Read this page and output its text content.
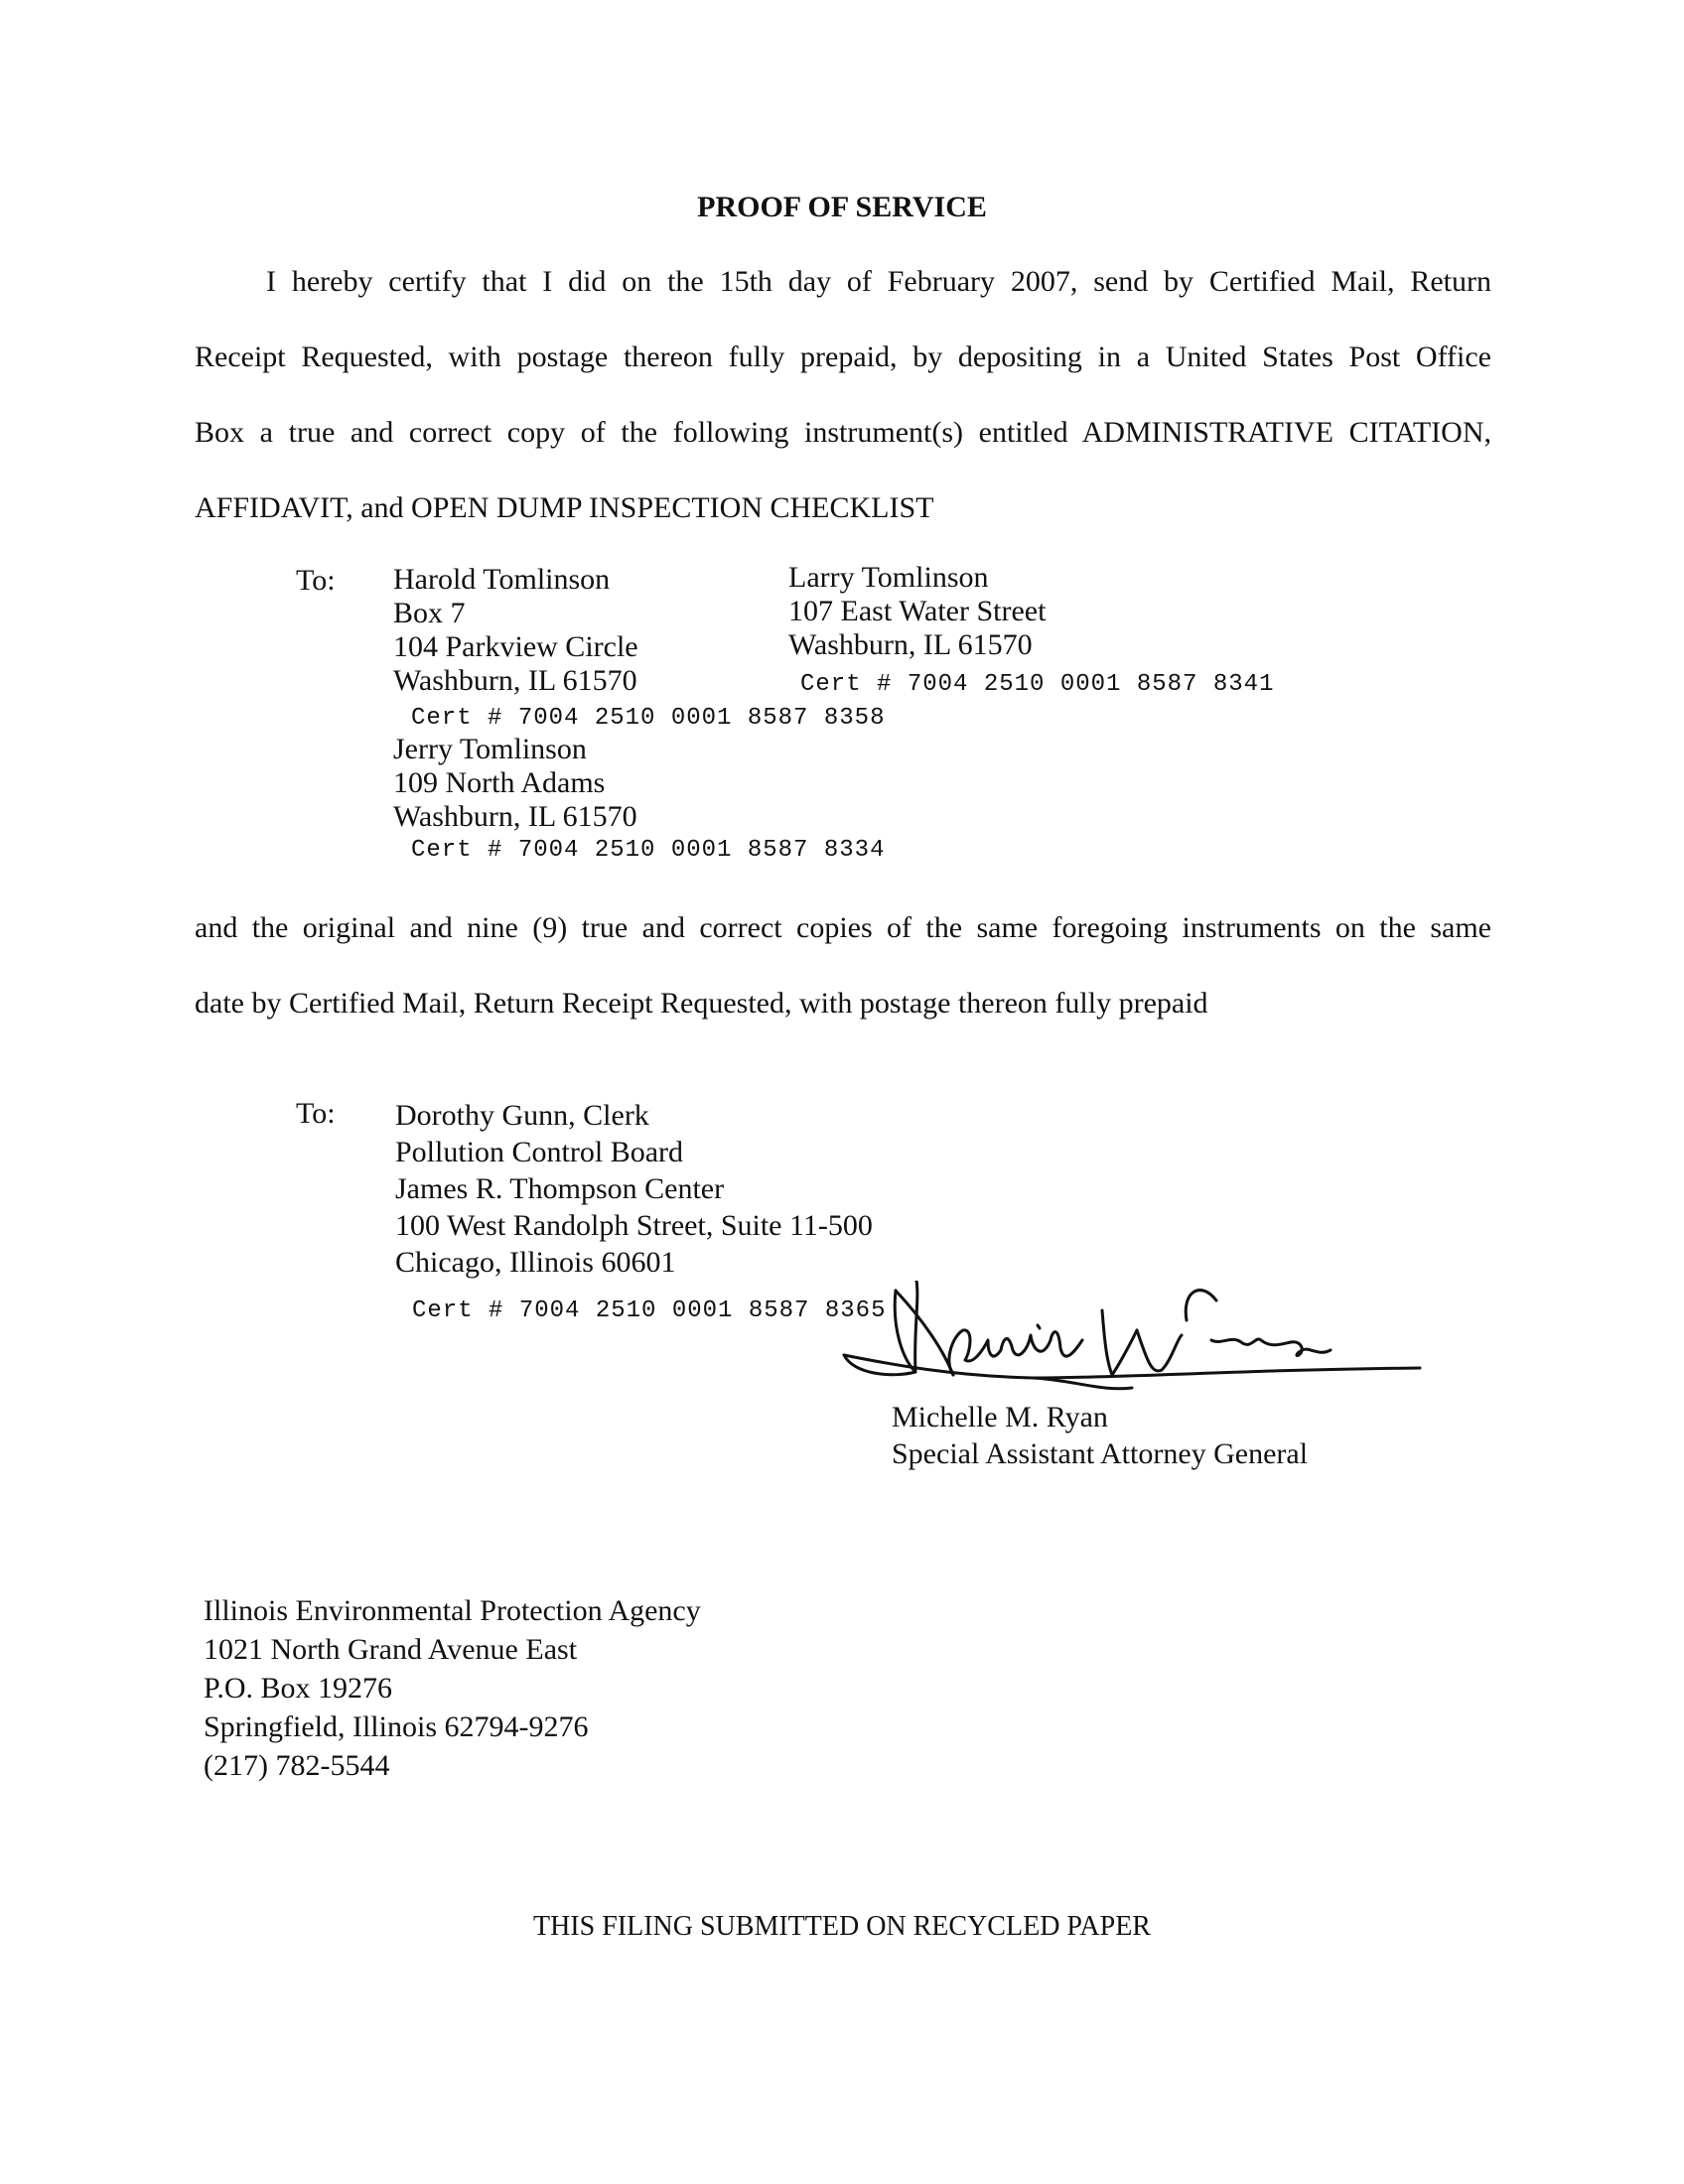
PROOF OF SERVICE
I hereby certify that I did on the 15th day of February 2007, send by Certified Mail, Return
Receipt Requested, with postage thereon fully prepaid, by depositing in a United States Post Office
Box a true and correct copy of the following instrument(s) entitled ADMINISTRATIVE CITATION,
AFFIDAVIT, and OPEN DUMP INSPECTION CHECKLIST
To: Harold Tomlinson
Box 7
104 Parkview Circle
Washburn, IL 61570
Cert # 7004 2510 0001 8587 8358
Larry Tomlinson
107 East Water Street
Washburn, IL 61570
Cert # 7004 2510 0001 8587 8341
Jerry Tomlinson
109 North Adams
Washburn, IL 61570
Cert # 7004 2510 0001 8587 8334
and the original and nine (9) true and correct copies of the same foregoing instruments on the same
date by Certified Mail, Return Receipt Requested, with postage thereon fully prepaid
To: Dorothy Gunn, Clerk
Pollution Control Board
James R. Thompson Center
100 West Randolph Street, Suite 11-500
Chicago, Illinois 60601
Cert # 7004 2510 0001 8587 8365
Michelle M. Ryan
Special Assistant Attorney General
Illinois Environmental Protection Agency
1021 North Grand Avenue East
P.O. Box 19276
Springfield, Illinois 62794-9276
(217) 782-5544
THIS FILING SUBMITTED ON RECYCLED PAPER
